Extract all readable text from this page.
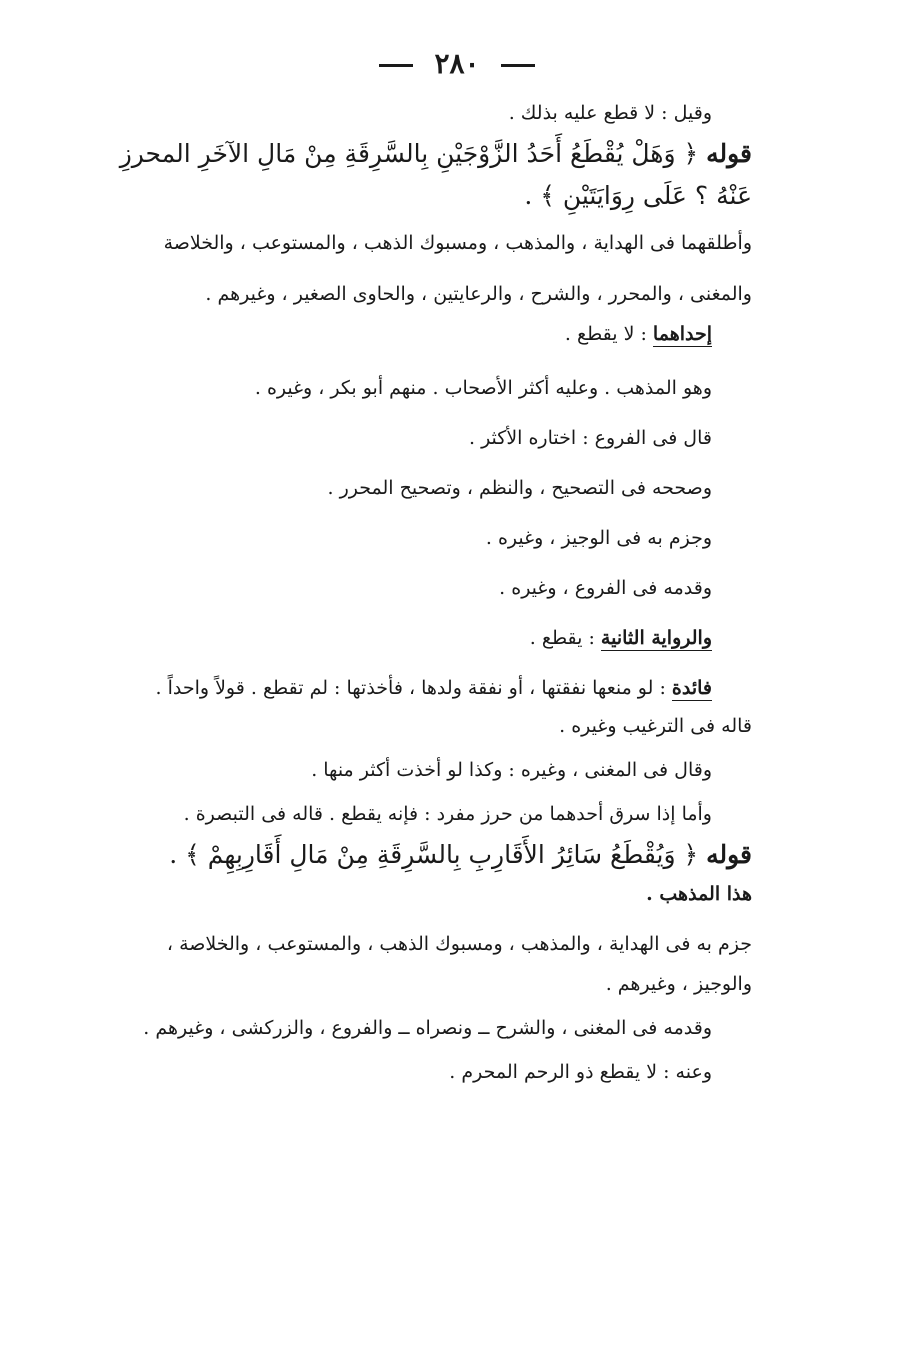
٢٨٠

وقيل : لا قطع عليه بذلك .

قوله ﴿ وَهَلْ يُقْطَعُ أَحَدُ الزَّوْجَيْنِ بِالسَّرِقَةِ مِنْ مَالِ الآخَرِ المحرزِ

عَنْهُ ؟ عَلَى رِوَايَتَيْنِ ﴾ .

وأطلقهما فى الهداية ، والمذهب ، ومسبوك الذهب ، والمستوعب ، والخلاصة

والمغنى ، والمحرر ، والشرح ، والرعايتين ، والحاوى الصغير ، وغيرهم .

إحداهما : لا يقطع .

وهو المذهب . وعليه أكثر الأصحاب . منهم أبو بكر ، وغيره .

قال فى الفروع : اختاره الأكثر .

وصححه فى التصحيح ، والنظم ، وتصحيح المحرر .

وجزم به فى الوجيز ، وغيره .

وقدمه فى الفروع ، وغيره .

والرواية الثانية : يقطع .

فائدة : لو منعها نفقتها ، أو نفقة ولدها ، فأخذتها : لم تقطع . قولاً واحداً .

قاله فى الترغيب وغيره .

وقال فى المغنى ، وغيره : وكذا لو أخذت أكثر منها .

وأما إذا سرق أحدهما من حرز مفرد : فإنه يقطع . قاله فى التبصرة .

قوله ﴿ وَيُقْطَعُ سَائِرُ الأَقَارِبِ بِالسَّرِقَةِ مِنْ مَالِ أَقَارِبِهِمْ ﴾ .

هذا المذهب .

جزم به فى الهداية ، والمذهب ، ومسبوك الذهب ، والمستوعب ، والخلاصة ،

والوجيز ، وغيرهم .

وقدمه فى المغنى ، والشرح ــ ونصراه ــ والفروع ، والزركشى ، وغيرهم .

وعنه : لا يقطع ذو الرحم المحرم .
